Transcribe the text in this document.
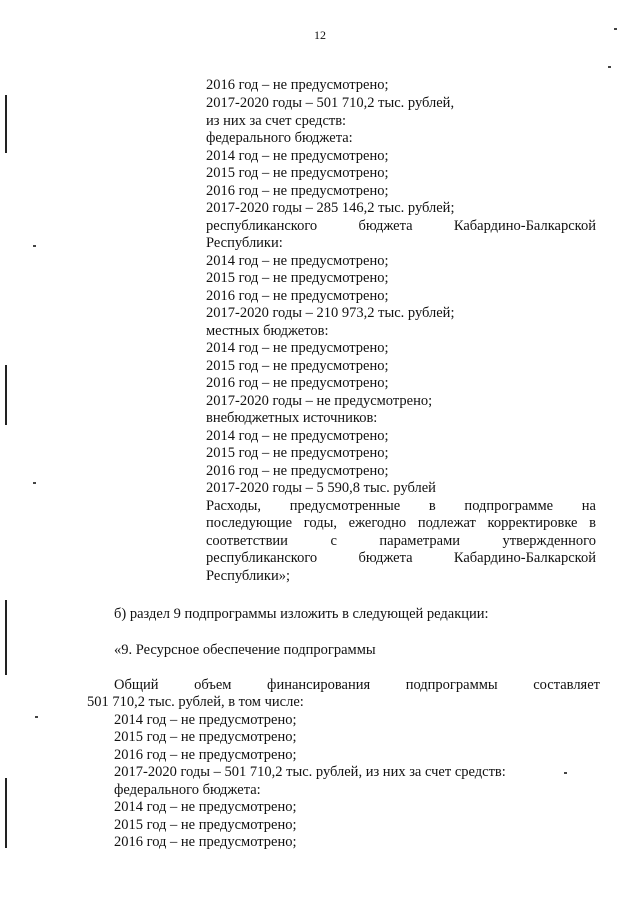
12
2016 год – не предусмотрено;
2017-2020 годы – 501 710,2 тыс. рублей,
из них за счет средств:
федерального бюджета:
2014 год – не предусмотрено;
2015 год – не предусмотрено;
2016 год – не предусмотрено;
2017-2020 годы – 285 146,2 тыс. рублей;
республиканского бюджета Кабардино-Балкарской
Республики:
2014 год – не предусмотрено;
2015 год – не предусмотрено;
2016 год – не предусмотрено;
2017-2020 годы – 210 973,2 тыс. рублей;
местных бюджетов:
2014 год – не предусмотрено;
2015 год – не предусмотрено;
2016 год – не предусмотрено;
2017-2020 годы – не предусмотрено;
внебюджетных источников:
2014 год – не предусмотрено;
2015 год – не предусмотрено;
2016 год – не предусмотрено;
2017-2020 годы – 5 590,8 тыс. рублей
Расходы, предусмотренные в подпрограмме на
последующие годы, ежегодно подлежат корректировке в
соответствии с параметрами утвержденного
республиканского бюджета Кабардино-Балкарской
Республики»;
б) раздел 9 подпрограммы изложить в следующей редакции:
«9. Ресурсное обеспечение подпрограммы
Общий объем финансирования подпрограммы составляет
501 710,2 тыс. рублей, в том числе:
2014 год – не предусмотрено;
2015 год – не предусмотрено;
2016 год – не предусмотрено;
2017-2020 годы – 501 710,2 тыс. рублей, из них за счет средств:
федерального бюджета:
2014 год – не предусмотрено;
2015 год – не предусмотрено;
2016 год – не предусмотрено;
